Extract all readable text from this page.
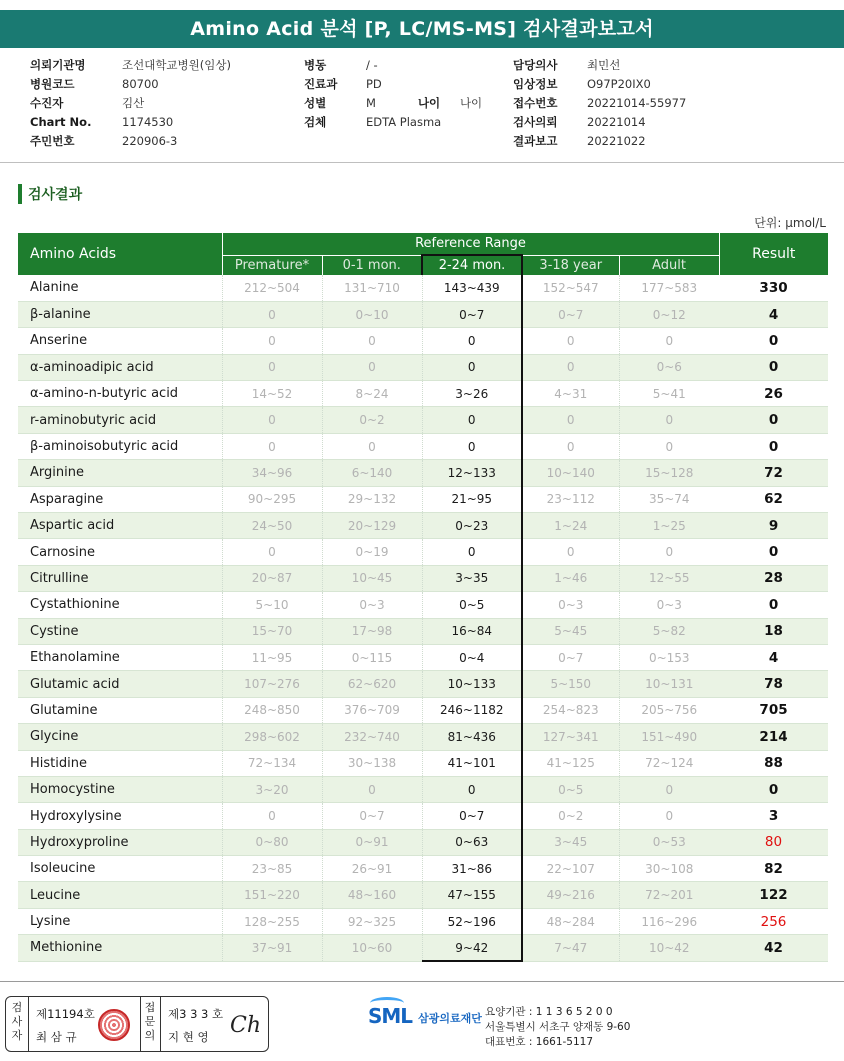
Amino Acid 분석 [P, LC/MS-MS] 검사결과보고서
의뢰기관명	조선대학교병원(임상)
병원코드	80700
수진자	김산
Chart No.	1174530
주민번호	220906-3
병동	/ -
진료과 PD
성별	M	나이 나이
검체	EDTA Plasma
담당의사	최민선
임상정보	O97P20IX0
접수번호	20221014-55977
검사의뢰	20221014
결과보고	20221022
검사결과
단위: μmol/L
Amino Acids	Reference Range					Result
	Premature*	0-1 mon.	2-24 mon.	3-18 year	Adult	
Alanine	212~504	131~710	143~439	152~547	177~583	330
β-alanine	0	0~10	0~7	0~7	0~12	4
Anserine	0	0	0	0	0	0
α-aminoadipic acid	0	0	0	0	0~6	0
α-amino-n-butyric acid	14~52	8~24	3~26	4~31	5~41	26
r-aminobutyric acid	0	0~2	0	0	0	0
β-aminoisobutyric acid	0	0	0	0	0	0
Arginine	34~96	6~140	12~133	10~140	15~128	72
Asparagine	90~295	29~132	21~95	23~112	35~74	62
Aspartic acid	24~50	20~129	0~23	1~24	1~25	9
Carnosine	0	0~19	0	0	0	0
Citrulline	20~87	10~45	3~35	1~46	12~55	28
Cystathionine	5~10	0~3	0~5	0~3	0~3	0
Cystine	15~70	17~98	16~84	5~45	5~82	18
Ethanolamine	11~95	0~115	0~4	0~7	0~153	4
Glutamic acid	107~276	62~620	10~133	5~150	10~131	78
Glutamine	248~850	376~709	246~1182	254~823	205~756	705
Glycine	298~602	232~740	81~436	127~341	151~490	214
Histidine	72~134	30~138	41~101	41~125	72~124	88
Homocystine	3~20	0	0	0~5	0	0
Hydroxylysine	0	0~7	0~7	0~2	0	3
Hydroxyproline	0~80	0~91	0~63	3~45	0~53	80
Isoleucine	23~85	26~91	31~86	22~107	30~108	82
Leucine	151~220	48~160	47~155	49~216	72~201	122
Lysine	128~255	92~325	52~196	48~284	116~296	256
Methionine	37~91	10~60	9~42	7~47	10~42	42
검사자
제11194호
최 삼 규
접문의
제3 3 3 호
지 현 영 Ch	SML 삼광의료재단 요양기관 : 1 1 3 6 5 2 0 0
서울특별시 서초구 양재동 9-60
대표번호 : 1661-5117
